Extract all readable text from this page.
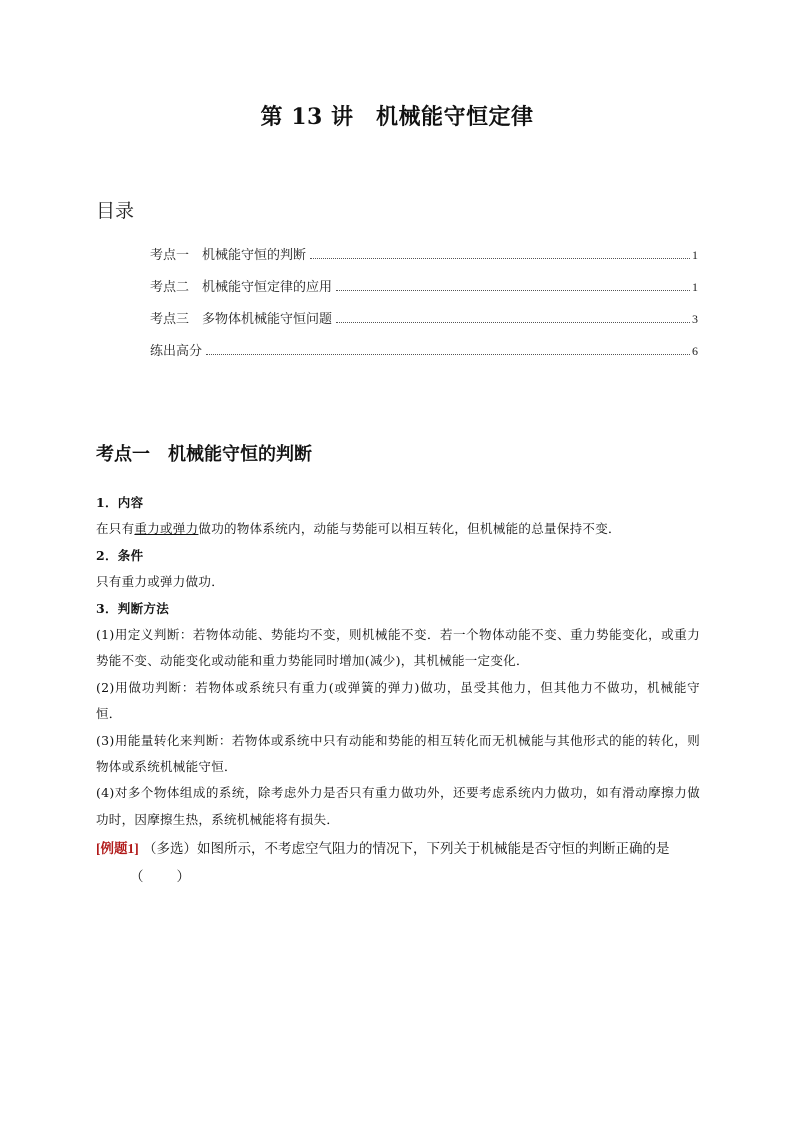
第 13 讲　机械能守恒定律
目录
考点一　机械能守恒的判断	1
考点二　机械能守恒定律的应用	1
考点三　多物体机械能守恒问题	3
练出高分	6
考点一　机械能守恒的判断

1．内容

在只有重力或弹力做功的物体系统内，动能与势能可以相互转化，但机械能的总量保持不变．

2．条件

只有重力或弹力做功．

3．判断方法

(1)用定义判断：若物体动能、势能均不变，则机械能不变．若一个物体动能不变、重力势能变化，或重力势能不变、动能变化或动能和重力势能同时增加(减少)，其机械能一定变化．

(2)用做功判断：若物体或系统只有重力(或弹簧的弹力)做功，虽受其他力，但其他力不做功，机械能守恒．

(3)用能量转化来判断：若物体或系统中只有动能和势能的相互转化而无机械能与其他形式的能的转化，则物体或系统机械能守恒．

(4)对多个物体组成的系统，除考虑外力是否只有重力做功外，还要考虑系统内力做功，如有滑动摩擦力做功时，因摩擦生热，系统机械能将有损失．

[例题1] （多选）如图所示，不考虑空气阻力的情况下，下列关于机械能是否守恒的判断正确的是
（　　）
